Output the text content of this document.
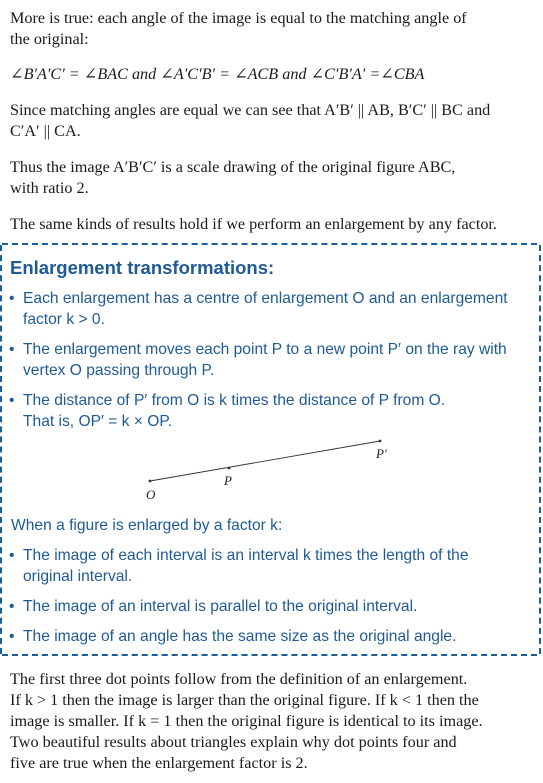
More is true: each angle of the image is equal to the matching angle of

the original:

∠B′A′C′ = ∠BAC and ∠A′C′B′ = ∠ACB and ∠C′B′A′ =∠CBA

Since matching angles are equal we can see that A′B′ || AB, B′C′ || BC and

C′A′ || CA.

Thus the image A′B′C′ is a scale drawing of the original figure ABC,

with ratio 2.

The same kinds of results hold if we perform an enlargement by any factor.

Enlargement transformations:
• Each enlargement has a centre of enlargement O and an enlargement
factor k > 0.
• The enlargement moves each point P to a new point P′ on the ray with
vertex O passing through P.
• The distance of P′ from O is k times the distance of P from O.
That is, OP′ = k × OP.
O
P
P′
When a figure is enlarged by a factor k:
• The image of each interval is an interval k times the length of the
original interval.
• The image of an interval is parallel to the original interval.
• The image of an angle has the same size as the original angle.

The first three dot points follow from the definition of an enlargement.

If k > 1 then the image is larger than the original figure. If k < 1 then the

image is smaller. If k = 1 then the original figure is identical to its image.

Two beautiful results about triangles explain why dot points four and

five are true when the enlargement factor is 2.
